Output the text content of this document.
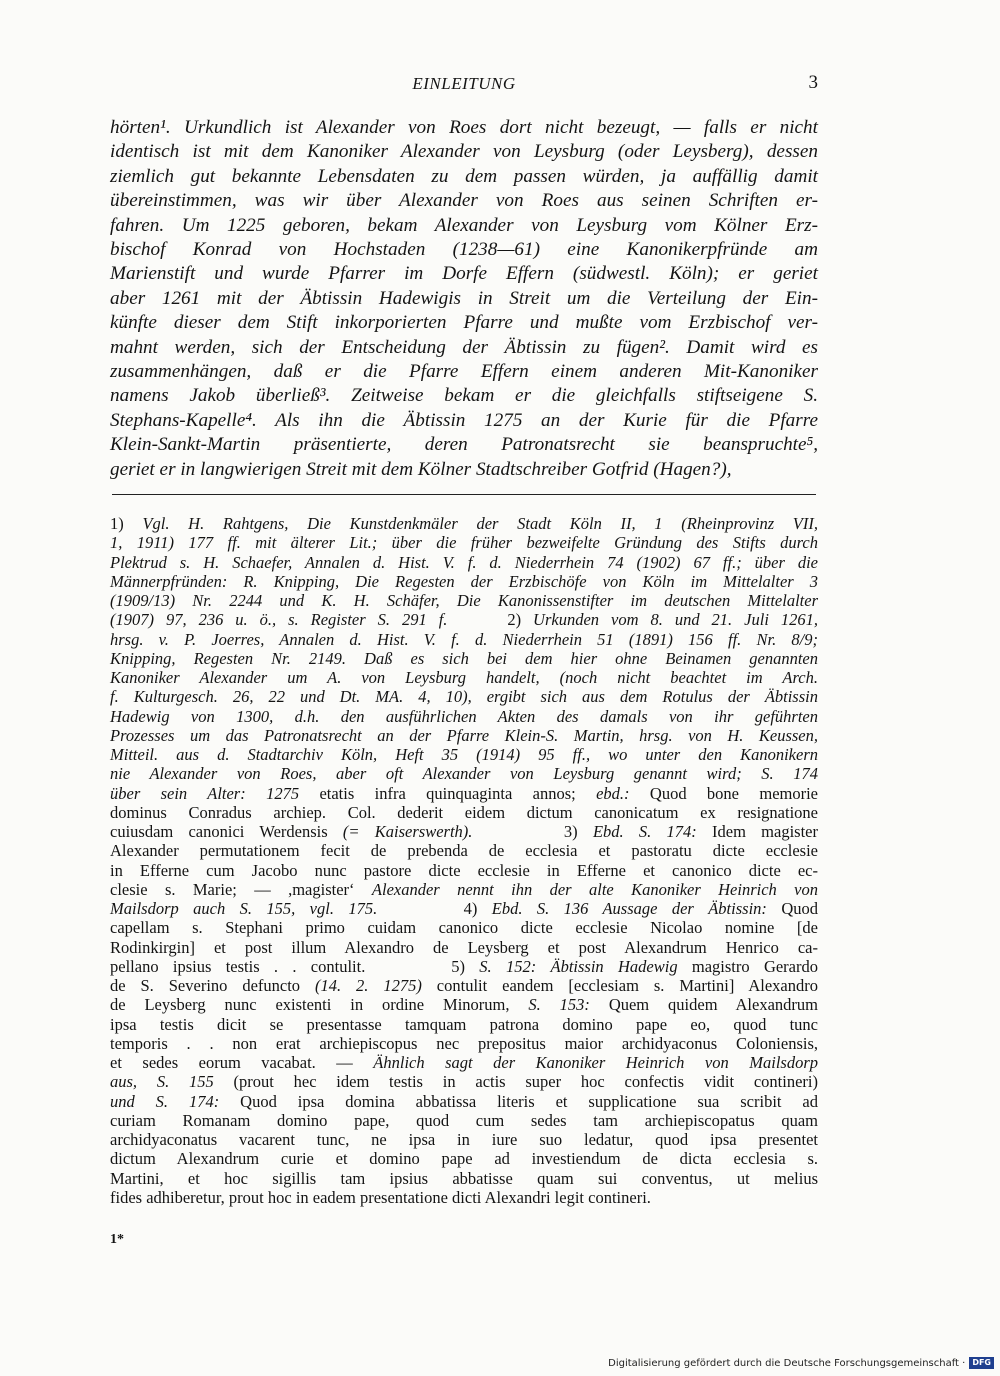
EINLEITUNG	3
hörten¹. Urkundlich ist Alexander von Roes dort nicht bezeugt, — falls er nicht
identisch ist mit dem Kanoniker Alexander von Leysburg (oder Leysberg), dessen
ziemlich gut bekannte Lebensdaten zu dem passen würden, ja auffällig damit
übereinstimmen, was wir über Alexander von Roes aus seinen Schriften er-
fahren. Um 1225 geboren, bekam Alexander von Leysburg vom Kölner Erz-
bischof Konrad von Hochstaden (1238—61) eine Kanonikerpfründe am
Marienstift und wurde Pfarrer im Dorfe Effern (südwestl. Köln); er geriet
aber 1261 mit der Äbtissin Hadewigis in Streit um die Verteilung der Ein-
künfte dieser dem Stift inkorporierten Pfarre und mußte vom Erzbischof ver-
mahnt werden, sich der Entscheidung der Äbtissin zu fügen². Damit wird es
zusammenhängen, daß er die Pfarre Effern einem anderen Mit-Kanoniker
namens Jakob überließ³. Zeitweise bekam er die gleichfalls stiftseigene S.
Stephans-Kapelle⁴. Als ihn die Äbtissin 1275 an der Kurie für die Pfarre
Klein-Sankt-Martin präsentierte, deren Patronatsrecht sie beanspruchte⁵,
geriet er in langwierigen Streit mit dem Kölner Stadtschreiber Gotfrid (Hagen?),
1) Vgl. H. Rahtgens, Die Kunstdenkmäler der Stadt Köln II, 1 (Rheinprovinz VII,
1, 1911) 177 ff. mit älterer Lit.; über die früher bezweifelte Gründung des Stifts durch
Plektrud s. H. Schaefer, Annalen d. Hist. V. f. d. Niederrhein 74 (1902) 67 ff.; über die
Männerpfründen: R. Knipping, Die Regesten der Erzbischöfe von Köln im Mittelalter 3
(1909/13) Nr. 2244 und K. H. Schäfer, Die Kanonissenstifter im deutschen Mittelalter
(1907) 97, 236 u. ö., s. Register S. 291 f.     2) Urkunden vom 8. und 21. Juli 1261,
hrsg. v. P. Joerres, Annalen d. Hist. V. f. d. Niederrhein 51 (1891) 156 ff. Nr. 8/9;
Knipping, Regesten Nr. 2149. Daß es sich bei dem hier ohne Beinamen genannten
Kanoniker Alexander um A. von Leysburg handelt, (noch nicht beachtet im Arch.
f. Kulturgesch. 26, 22 und Dt. MA. 4, 10), ergibt sich aus dem Rotulus der Äbtissin
Hadewig von 1300, d.h. den ausführlichen Akten des damals von ihr geführten
Prozesses um das Patronatsrecht an der Pfarre Klein-S. Martin, hrsg. von H. Keussen,
Mitteil. aus d. Stadtarchiv Köln, Heft 35 (1914) 95 ff., wo unter den Kanonikern
nie Alexander von Roes, aber oft Alexander von Leysburg genannt wird; S. 174
über sein Alter: 1275 etatis infra quinquaginta annos; ebd.: Quod bone memorie
dominus Conradus archiep. Col. dederit eidem dictum canonicatum ex resignatione
cuiusdam canonici Werdensis (= Kaiserswerth).      3) Ebd. S. 174: Idem magister
Alexander permutationem fecit de prebenda de ecclesia et pastoratu dicte ecclesie
in Efferne cum Jacobo nunc pastore dicte ecclesie in Efferne et canonico dicte ec-
clesie s. Marie; — ,magister‘ Alexander nennt ihn der alte Kanoniker Heinrich von
Mailsdorp auch S. 155, vgl. 175.      4) Ebd. S. 136 Aussage der Äbtissin: Quod
capellam s. Stephani primo cuidam canonico dicte ecclesie Nicolao nomine [de
Rodinkirgin] et post illum Alexandro de Leysberg et post Alexandrum Henrico ca-
pellano ipsius testis . . contulit.      5) S. 152: Äbtissin Hadewig magistro Gerardo
de S. Severino defuncto (14. 2. 1275) contulit eandem [ecclesiam s. Martini] Alexandro
de Leysberg nunc existenti in ordine Minorum, S. 153: Quem quidem Alexandrum
ipsa testis dicit se presentasse tamquam patrona domino pape eo, quod tunc
temporis . . non erat archiepiscopus nec prepositus maior archidyaconus Coloniensis,
et sedes eorum vacabat. — Ähnlich sagt der Kanoniker Heinrich von Mailsdorp
aus, S. 155 (prout hec idem testis in actis super hoc confectis vidit contineri)
und S. 174: Quod ipsa domina abbatissa literis et supplicatione sua scribit ad
curiam Romanam domino pape, quod cum sedes tam archiepiscopatus quam
archidyaconatus vacarent tunc, ne ipsa in iure suo ledatur, quod ipsa presentet
dictum Alexandrum curie et domino pape ad investiendum de dicta ecclesia s.
Martini, et hoc sigillis tam ipsius abbatisse quam sui conventus, ut melius
fides adhiberetur, prout hoc in eadem presentatione dicti Alexandri legit contineri.
1*
Digitalisierung gefördert durch die Deutsche Forschungsgemeinschaft · DFG
